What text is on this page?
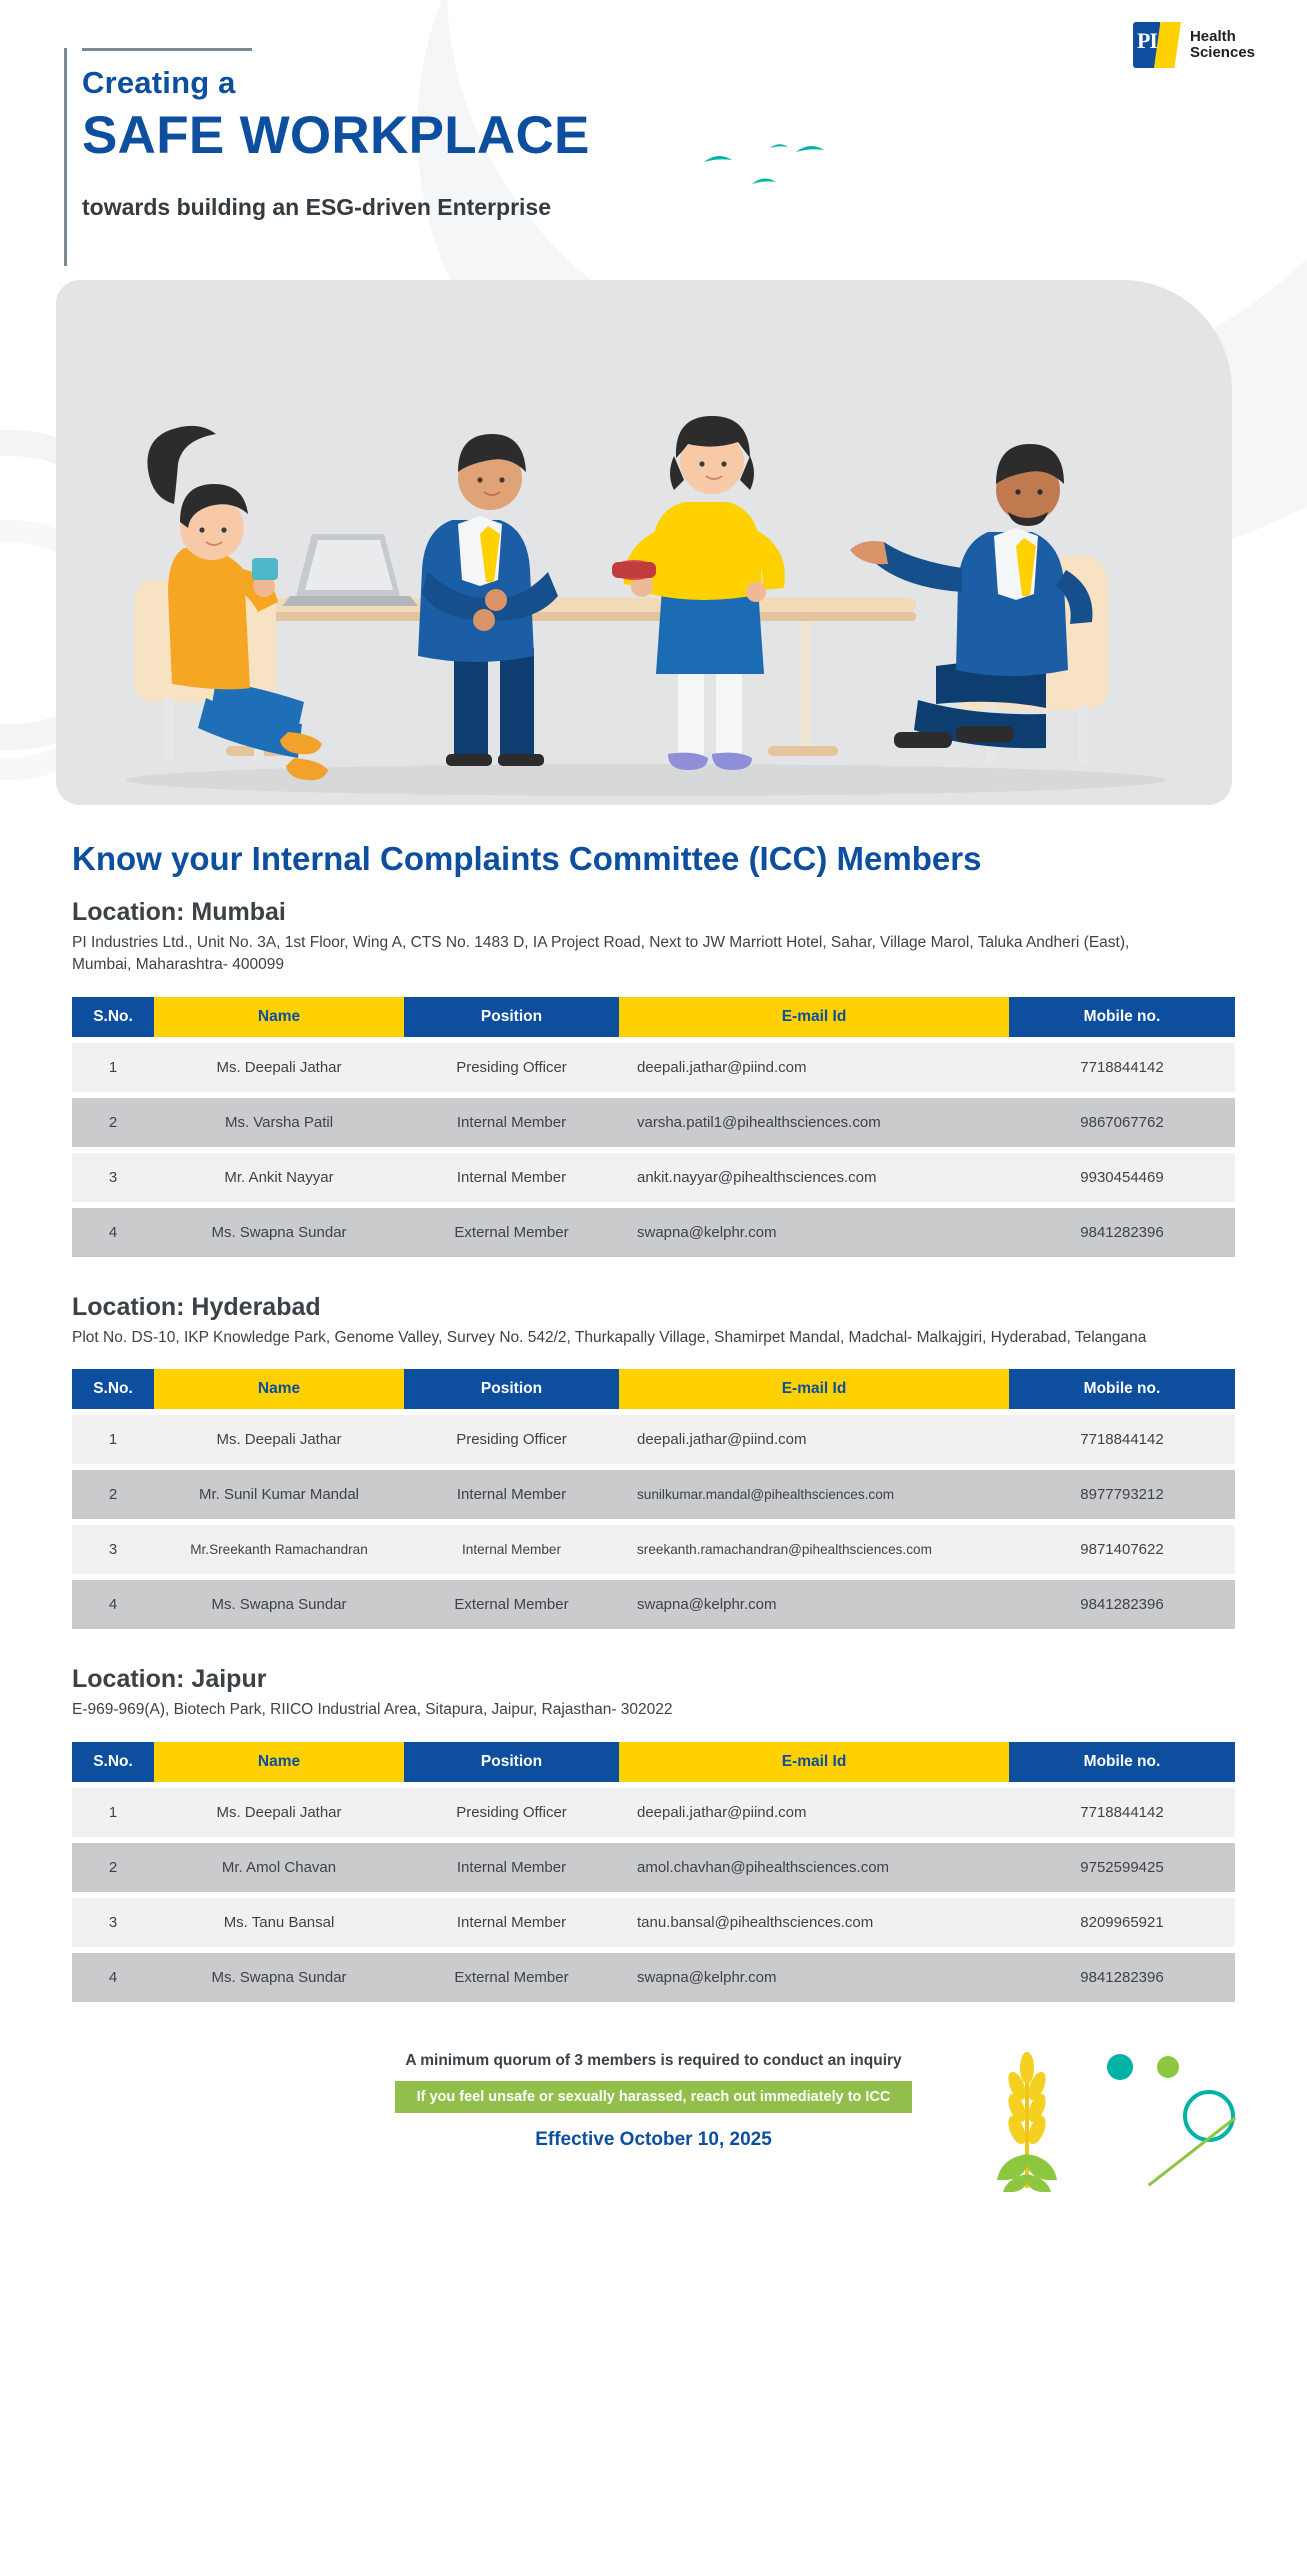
PI Health
Sciences
Creating a
SAFE WORKPLACE
towards building an ESG-driven Enterprise
Know your Internal Complaints Committee (ICC) Members
Location: Mumbai
PI Industries Ltd., Unit No. 3A, 1st Floor, Wing A, CTS No. 1483 D, IA Project Road, Next to JW Marriott Hotel, Sahar, Village Marol, Taluka Andheri (East), Mumbai, Maharashtra- 400099
S.No.	Name	Position	E-mail Id	Mobile no.
1	Ms. Deepali Jathar	Presiding Officer	deepali.jathar@piind.com	7718844142
2	Ms. Varsha Patil	Internal Member	varsha.patil1@pihealthsciences.com	9867067762
3	Mr. Ankit Nayyar	Internal Member	ankit.nayyar@pihealthsciences.com	9930454469
4	Ms. Swapna Sundar	External Member	swapna@kelphr.com	9841282396
Location: Hyderabad
Plot No. DS-10, IKP Knowledge Park, Genome Valley, Survey No. 542/2, Thurkapally Village, Shamirpet Mandal, Madchal- Malkajgiri, Hyderabad, Telangana
S.No.	Name	Position	E-mail Id	Mobile no.
1	Ms. Deepali Jathar	Presiding Officer	deepali.jathar@piind.com	7718844142
2	Mr. Sunil Kumar Mandal	Internal Member	sunilkumar.mandal@pihealthsciences.com	8977793212
3	Mr.Sreekanth Ramachandran	Internal Member	sreekanth.ramachandran@pihealthsciences.com	9871407622
4	Ms. Swapna Sundar	External Member	swapna@kelphr.com	9841282396
Location: Jaipur
E-969-969(A), Biotech Park, RIICO Industrial Area, Sitapura, Jaipur, Rajasthan- 302022
S.No.	Name	Position	E-mail Id	Mobile no.
1	Ms. Deepali Jathar	Presiding Officer	deepali.jathar@piind.com	7718844142
2	Mr. Amol Chavan	Internal Member	amol.chavhan@pihealthsciences.com	9752599425
3	Ms. Tanu Bansal	Internal Member	tanu.bansal@pihealthsciences.com	8209965921
4	Ms. Swapna Sundar	External Member	swapna@kelphr.com	9841282396
A minimum quorum of 3 members is required to conduct an inquiry
If you feel unsafe or sexually harassed, reach out immediately to ICC
Effective October 10, 2025
